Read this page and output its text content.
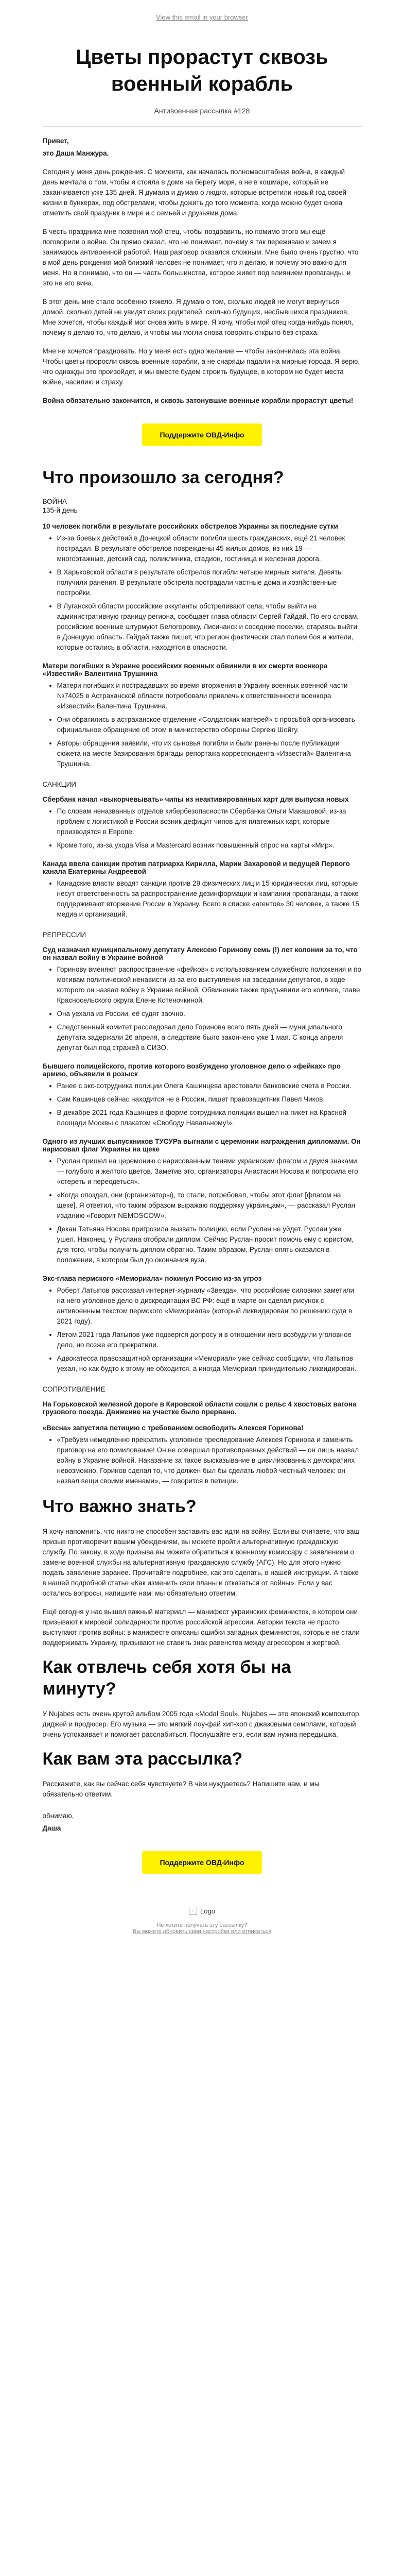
View this email in your browser
Цветы прорастут сквозь военный корабль
Антивоенная рассылка #128

Привет,

это Даша Манжура.

Сегодня у меня день рождения. С момента, как началась полномасштабная война, я каждый день мечтала о том, чтобы я стояла в доме на берегу моря, а не в кошмаре, который не заканчивается уже 135 дней. Я думала и думаю о людях, которые встретили новый год своей жизни в бункерах, под обстрелами, чтобы дожить до того момента, когда можно будет снова отметить свой праздник в мире и с семьей и друзьями дома.

В честь праздника мне позвонил мой отец, чтобы поздравить, но помимо этого мы ещё поговорили о войне. Он прямо сказал, что не понимает, почему я так переживаю и зачем я занимаюсь антивоенной работой. Наш разговор оказался сложным. Мне было очень грустно, что в мой день рождения мой близкий человек не понимает, что я делаю, и почему это важно для меня. Но я понимаю, что он — часть большинства, которое живет под влиянием пропаганды, и это не его вина.

В этот день мне стало особенно тяжело. Я думаю о том, сколько людей не могут вернуться домой, сколько детей не увидят своих родителей, сколько будущих, несбывшихся праздников. Мне хочется, чтобы каждый мог снова жить в мире. Я хочу, чтобы мой отец когда-нибудь понял, почему я делаю то, что делаю, и чтобы мы могли снова говорить открыто без страха.

Мне не хочется праздновать. Но у меня есть одно желание — чтобы закончилась эта война. Чтобы цветы проросли сквозь военные корабли, а не снаряды падали на мирные города. Я верю, что однажды это произойдет, и мы вместе будем строить будущее, в котором не будет места войне, насилию и страху.

Война обязательно закончится, и сквозь затонувшие военные корабли прорастут цветы!

Поддержите ОВД-Инфо
Что произошло за сегодня?
ВОЙНА
135-й день
10 человек погибли в результате российских обстрелов Украины за последние сутки
• Из-за боевых действий в Донецкой области погибли шесть гражданских, ещё 21 человек пострадал. В результате обстрелов повреждены 45 жилых домов, из них 19 — многоэтажные, детский сад, поликлиника, стадион, гостиница и железная дорога.
• В Харьковской области в результате обстрелов погибли четыре мирных жителя. Девять получили ранения. В результате обстрела пострадали частные дома и хозяйственные постройки.
• В Луганской области российские оккупанты обстреливают села, чтобы выйти на административную границу региона, сообщает глава области Сергей Гайдай. По его словам, российские военные штурмуют Белогоровку, Лисичанск и соседние поселки, стараясь выйти в Донецкую область. Гайдай также пишет, что регион фактически стал полем боя и жители, которые остались в области, находятся в опасности.
Матери погибших в Украине российских военных обвинили в их смерти военкора «Известий» Валентина Трушнина
• Матери погибших и пострадавших во время вторжения в Украину военных военной части №74025 в Астраханской области потребовали привлечь к ответственности военкора «Известий» Валентина Трушнина.
• Они обратились в астраханское отделение «Солдатских матерей» с просьбой организовать официальное обращение об этом в министерство обороны Сергею Шойгу.
• Авторы обращения заявили, что их сыновья погибли и были ранены после публикации сюжета на месте базирования бригады репортажа корреспондента «Известий» Валентина Трушнина.
САНКЦИИ
Сбербанк начал «выкорчевывать» чипы из неактивированных карт для выпуска новых
• По словам неназванных отделов кибербезопасности Сбербанка Ольги Макашовой, из-за проблем с логистикой в России возник дефицит чипов для платежных карт, которые производятся в Европе.
• Кроме того, из-за ухода Visa и Mastercard возник повышенный спрос на карты «Мир».
Канада ввела санкции против патриарха Кирилла, Марии Захаровой и ведущей Первого канала Екатерины Андреевой
• Канадские власти вводят санкции против 29 физических лиц и 15 юридических лиц, которые несут ответственность за распространение дезинформации и кампании пропаганды, а также поддерживают вторжение России в Украину. Всего в списке «агентов» 30 человек, а также 15 медиа и организаций.
РЕПРЕССИИ
Суд назначил муниципальному депутату Алексею Горинову семь (!) лет колонии за то, что он назвал войну в Украине войной
• Горинову вменяют распространение «фейков» с использованием служебного положения и по мотивам политической ненависти из-за его выступления на заседании депутатов, в ходе которого он назвал войну в Украине войной. Обвинение также предъявили его коллеге, главе Красносельского округа Елене Котеночкиной.
• Она уехала из России, её судят заочно.
• Следственный комитет расследовал дело Горинова всего пять дней — муниципального депутата задержали 26 апреля, а следствие было закончено уже 1 мая. С конца апреля депутат был под стражей в СИЗО.
Бывшего полицейского, против которого возбуждено уголовное дело о «фейках» про армию, объявили в розыск
• Ранее с экс-сотрудника полиции Олега Кашинцева арестовали банковские счета в России.
• Сам Кашинцев сейчас находится не в России, пишет правозащитник Павел Чиков.
• В декабре 2021 года Кашинцев в форме сотрудника полиции вышел на пикет на Красной площади Москвы с плакатом «Свободу Навальному!».
Одного из лучших выпускников ТУСУРа выгнали с церемонии награждения дипломами. Он нарисовал флаг Украины на щеке
• Руслан пришел на церемонию с нарисованным тенями украинским флагом и двумя знаками — голубого и желтого цветов. Заметив это, организаторы Анастасия Носова и попросила его «стереть и переодеться».
• «Когда опоздал, они (организаторы), то стали, потребовал, чтобы этот флаг [флагом на щеке]. Я ответил, что таким образом выражаю поддержку украинцам», — рассказал Руслан изданию «Говорит NEMOSCOW».
• Декан Татьяна Носова пригрозила вызвать полицию, если Руслан не уйдет. Руслан уже ушел. Наконец, у Руслана отобрали диплом. Сейчас Руслан просит помочь ему с юристом, для того, чтобы получить диплом обратно. Таким образом, Руслан опять оказался в положении, в котором был до окончания вуза.
Экс-глава пермского «Мемориала» покинул Россию из-за угроз
• Роберт Латыпов рассказал интернет-журналу «Звезда», что российские силовики заметили на него уголовное дело о дискредитации ВС РФ: ещё в марте он сделал рисунок с антивоенным текстом пермского «Мемориала» (который ликвидирован по решению суда в 2021 году).
• Летом 2021 года Латыпов уже подвергся допросу и в отношении него возбудили уголовное дело, но позже его прекратили.
• Адвокатесса правозащитной организации «Мемориал» уже сейчас сообщили, что Латыпов уехал, но как будто к этому не обходится, а иногда Мемориал принудительно ликвидирован.
СОПРОТИВЛЕНИЕ
На Горьковской железной дороге в Кировской области сошли с рельс 4 хвостовых вагона грузового поезда. Движение на участке было прервано.
«Весна» запустила петицию с требованием освободить Алексея Горинова!
• «Требуем немедленно прекратить уголовное преследование Алексея Горинова и заменить приговор на его помилование! Он не совершал противоправных действий — он лишь назвал войну в Украине войной. Наказание за такое высказывание в цивилизованных демократиях невозможно. Горинов сделал то, что должен был бы сделать любой честный человек: он назвал вещи своими именами», — говорится в петиции.
Что важно знать?

Я хочу напомнить, что никто не способен заставить вас идти на войну. Если вы считаете, что ваш призыв противоречит вашим убеждениям, вы можете пройти альтернативную гражданскую службу. По закону, в ходе призыва вы можете обратиться к военному комиссару с заявлением о замене военной службы на альтернативную гражданскую службу (АГС). Но для этого нужно подать заявление заранее. Прочитайте подробнее, как это сделать, в нашей инструкции. А также в нашей подробной статье «Как изменить свои планы и отказаться от войны». Если у вас остались вопросы, напишите нам: мы обязательно ответим.

Ещё сегодня у нас вышел важный материал — манифест украинских феминисток, в котором они призывают к мировой солидарности против российской агрессии. Авторки текста не просто выступают против войны: в манифесте описаны ошибки западных феминисток, которые не стали поддерживать Украину, призывают не ставить знак равенства между агрессором и жертвой.

Как отвлечь себя хотя бы на минуту?

У Nujabes есть очень крутой альбом 2005 года «Modal Soul». Nujabes — это японский композитор, диджей и продюсер. Его музыка — это мягкий лоу-фай хип-хоп с джазовыми семплами, который очень успокаивает и помогает расслабиться. Послушайте его, если вам нужна передышка.

Как вам эта рассылка?

Расскажите, как вы сейчас себя чувствуете? В чём нуждаетесь? Напишите нам, и мы обязательно ответим.

обнимаю,

Даша

Поддержите ОВД-Инфо
▫ Logo
Не хотите получать эту рассылку?
Вы можете обновить свои настройки или отписаться
